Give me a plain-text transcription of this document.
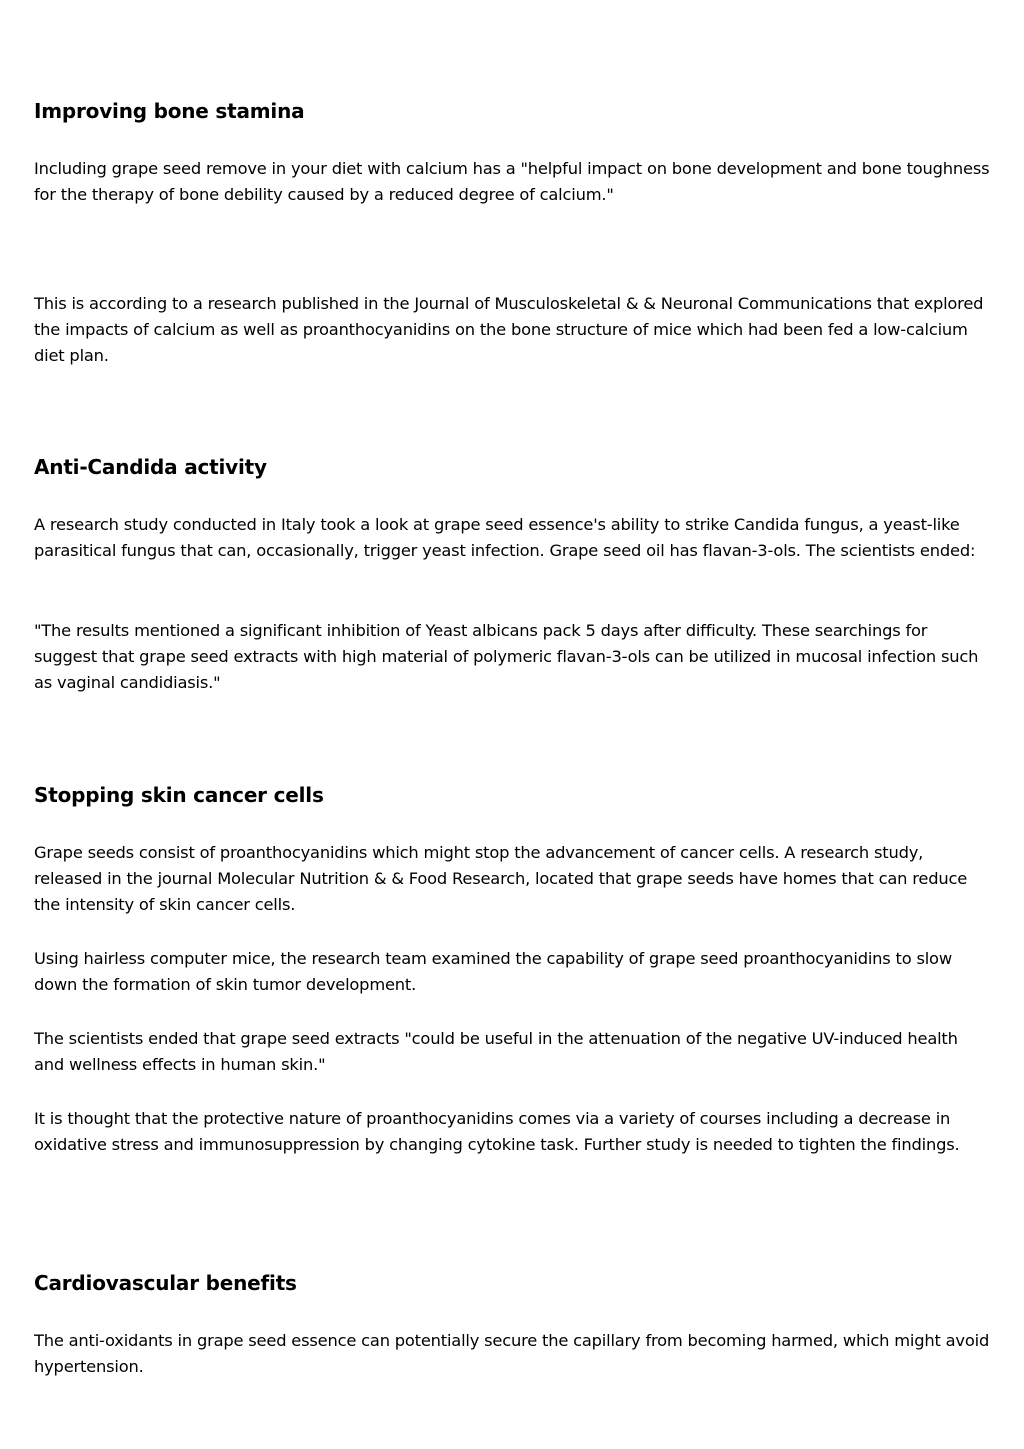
Improving bone stamina

Including grape seed remove in your diet with calcium has a "helpful impact on bone development and bone toughness for the therapy of bone debility caused by a reduced degree of calcium."

This is according to a research published in the Journal of Musculoskeletal & & Neuronal Communications that explored the impacts of calcium as well as proanthocyanidins on the bone structure of mice which had been fed a low-calcium diet plan.

Anti-Candida activity

A research study conducted in Italy took a look at grape seed essence's ability to strike Candida fungus, a yeast-like parasitical fungus that can, occasionally, trigger yeast infection. Grape seed oil has flavan-3-ols. The scientists ended:

"The results mentioned a significant inhibition of Yeast albicans pack 5 days after difficulty. These searchings for suggest that grape seed extracts with high material of polymeric flavan-3-ols can be utilized in mucosal infection such as vaginal candidiasis."

Stopping skin cancer cells

Grape seeds consist of proanthocyanidins which might stop the advancement of cancer cells. A research study, released in the journal Molecular Nutrition & & Food Research, located that grape seeds have homes that can reduce the intensity of skin cancer cells.

Using hairless computer mice, the research team examined the capability of grape seed proanthocyanidins to slow down the formation of skin tumor development.

The scientists ended that grape seed extracts "could be useful in the attenuation of the negative UV-induced health and wellness effects in human skin."

It is thought that the protective nature of proanthocyanidins comes via a variety of courses including a decrease in oxidative stress and immunosuppression by changing cytokine task. Further study is needed to tighten the findings.

Cardiovascular benefits

The anti-oxidants in grape seed essence can potentially secure the capillary from becoming harmed, which might avoid hypertension.
